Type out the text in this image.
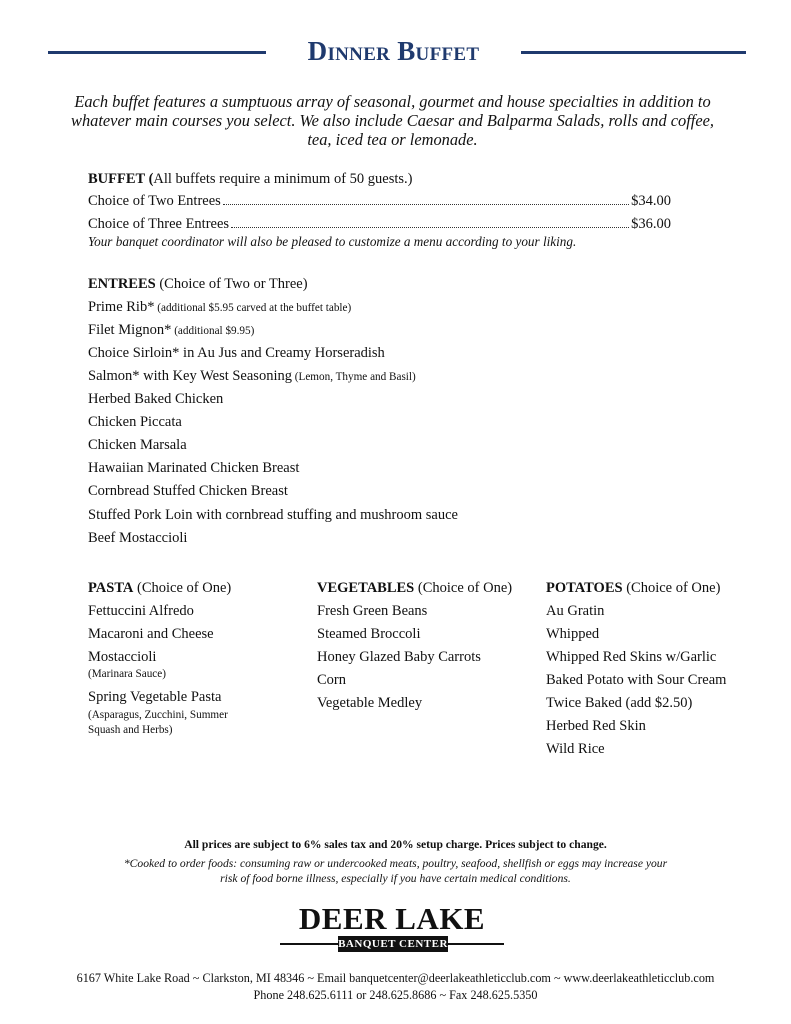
Dinner Buffet
Each buffet features a sumptuous array of seasonal, gourmet and house specialties in addition to whatever main courses you select. We also include Caesar and Balparma Salads, rolls and coffee, tea, iced tea or lemonade.
BUFFET (All buffets require a minimum of 50 guests.)
Choice of Two Entrees	$34.00
Choice of Three Entrees	$36.00
Your banquet coordinator will also be pleased to customize a menu according to your liking.
ENTREES (Choice of Two or Three)
Prime Rib* (additional $5.95 carved at the buffet table)
Filet Mignon* (additional $9.95)
Choice Sirloin* in Au Jus and Creamy Horseradish
Salmon* with Key West Seasoning (Lemon, Thyme and Basil)
Herbed Baked Chicken
Chicken Piccata
Chicken Marsala
Hawaiian Marinated Chicken Breast
Cornbread Stuffed Chicken Breast
Stuffed Pork Loin with cornbread stuffing and mushroom sauce
Beef Mostaccioli
PASTA (Choice of One)
Fettuccini Alfredo
Macaroni and Cheese
Mostaccioli
(Marinara Sauce)
Spring Vegetable Pasta
(Asparagus, Zucchini, Summer
Squash and Herbs)
VEGETABLES (Choice of One)
Fresh Green Beans
Steamed Broccoli
Honey Glazed Baby Carrots
Corn
Vegetable Medley
POTATOES (Choice of One)
Au Gratin
Whipped
Whipped Red Skins w/Garlic
Baked Potato with Sour Cream
Twice Baked (add $2.50)
Herbed Red Skin
Wild Rice
All prices are subject to 6% sales tax and 20% setup charge. Prices subject to change.
*Cooked to order foods: consuming raw or undercooked meats, poultry, seafood, shellfish or eggs may increase your
risk of food borne illness, especially if you have certain medical conditions.
DEER LAKE
BANQUET CENTER
6167 White Lake Road ~ Clarkston, MI 48346 ~ Email banquetcenter@deerlakeathleticclub.com ~ www.deerlakeathleticclub.com
Phone 248.625.6111 or 248.625.8686 ~ Fax 248.625.5350
